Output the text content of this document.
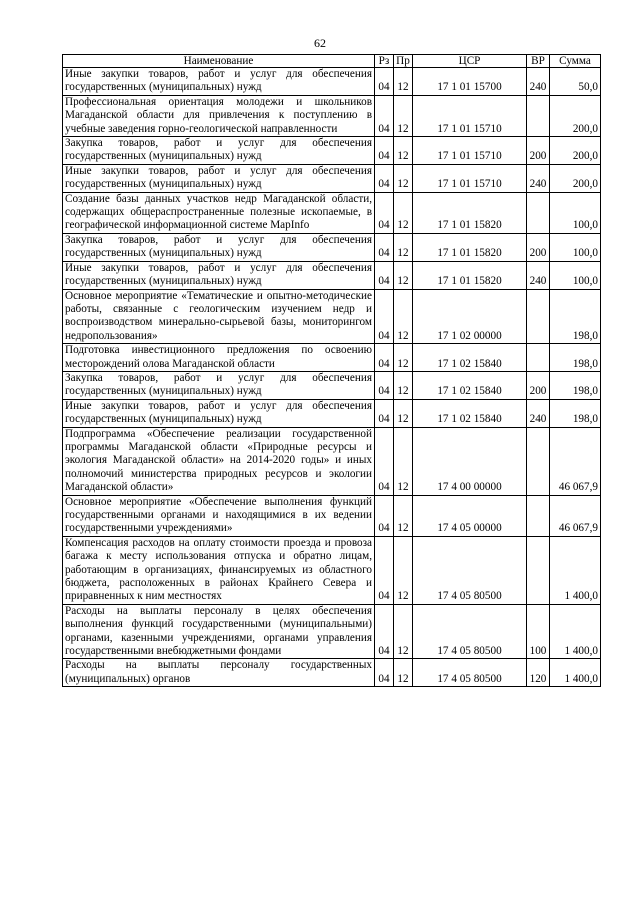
62
Наименование	Рз	Пр	ЦСР	ВР	Сумма
Иные закупки товаров, работ и услуг для обеспечения государственных (муниципальных) нужд	04	12	17 1 01 15700	240	50,0
Профессиональная ориентация молодежи и школьников Магаданской области для привлечения к поступлению в учебные заведения горно-геологической направленности	04	12	17 1 01 15710		200,0
Закупка товаров, работ и услуг для обеспечения государственных (муниципальных) нужд	04	12	17 1 01 15710	200	200,0
Иные закупки товаров, работ и услуг для обеспечения государственных (муниципальных) нужд	04	12	17 1 01 15710	240	200,0
Создание базы данных участков недр Магаданской области, содержащих общераспространенные полезные ископаемые, в географической информационной системе MapInfo	04	12	17 1 01 15820		100,0
Закупка товаров, работ и услуг для обеспечения государственных (муниципальных) нужд	04	12	17 1 01 15820	200	100,0
Иные закупки товаров, работ и услуг для обеспечения государственных (муниципальных) нужд	04	12	17 1 01 15820	240	100,0
Основное мероприятие «Тематические и опытно-методические работы, связанные с геологическим изучением недр и воспроизводством минерально-сырьевой базы, мониторингом недропользования»	04	12	17 1 02 00000		198,0
Подготовка инвестиционного предложения по освоению месторождений олова Магаданской области	04	12	17 1 02 15840		198,0
Закупка товаров, работ и услуг для обеспечения государственных (муниципальных) нужд	04	12	17 1 02 15840	200	198,0
Иные закупки товаров, работ и услуг для обеспечения государственных (муниципальных) нужд	04	12	17 1 02 15840	240	198,0
Подпрограмма «Обеспечение реализации государственной программы Магаданской области «Природные ресурсы и экология Магаданской области» на 2014-2020 годы» и иных полномочий министерства природных ресурсов и экологии Магаданской области»	04	12	17 4 00 00000		46 067,9
Основное мероприятие «Обеспечение выполнения функций государственными органами и находящимися в их ведении государственными учреждениями»	04	12	17 4 05 00000		46 067,9
Компенсация расходов на оплату стоимости проезда и провоза багажа к месту использования отпуска и обратно лицам, работающим в организациях, финансируемых из областного бюджета, расположенных в районах Крайнего Севера и приравненных к ним местностях	04	12	17 4 05 80500		1 400,0
Расходы на выплаты персоналу в целях обеспечения выполнения функций государственными (муниципальными) органами, казенными учреждениями, органами управления государственными внебюджетными фондами	04	12	17 4 05 80500	100	1 400,0
Расходы на выплаты персоналу государственных (муниципальных) органов	04	12	17 4 05 80500	120	1 400,0
